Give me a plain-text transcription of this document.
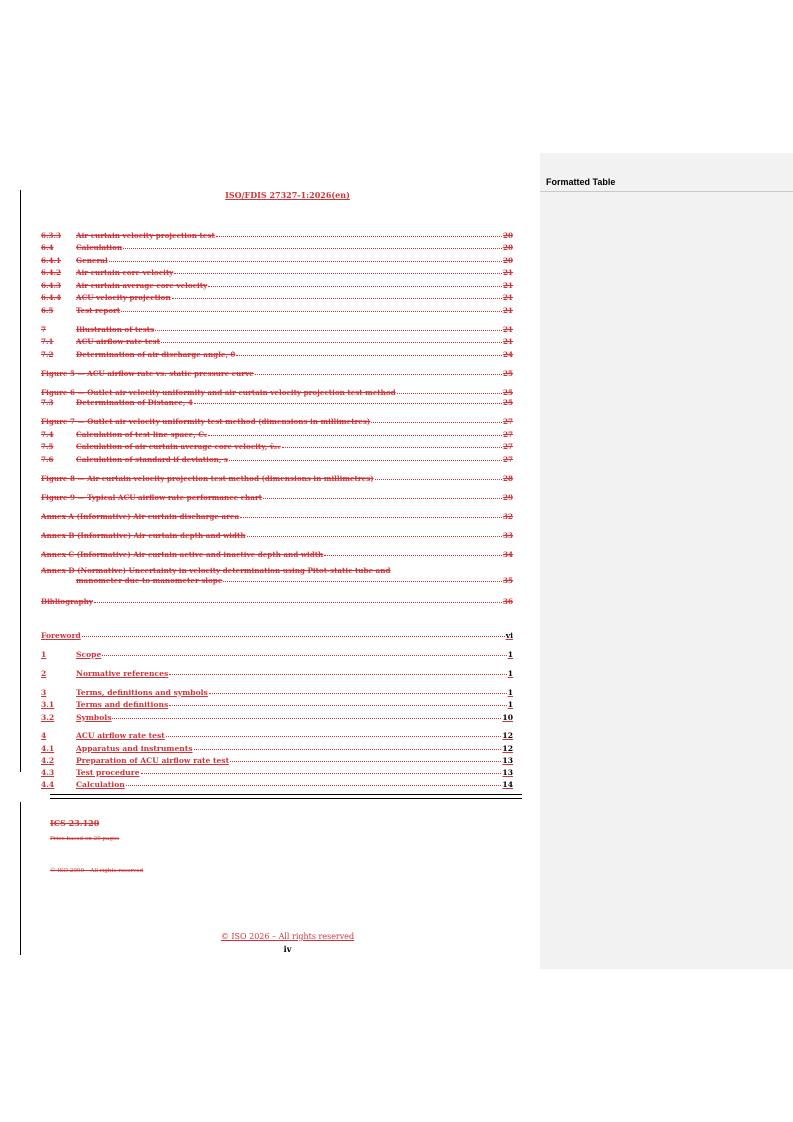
Formatted Table
ISO/FDIS 27327-1:2026(en)
6.3.3	Air curtain velocity projection test	20
6.4	Calculation	20
6.4.1	General	20
6.4.2	Air curtain core velocity	21
6.4.3	Air curtain average core velocity	21
6.4.4	ACU velocity projection	21
6.5	Test report	21
7	Illustration of tests	21
7.1	ACU airflow rate test	21
7.2	Determination of air discharge angle, θ	24
Figure 5 — ACU airflow rate vs. static pressure curve	25
Figure 6 — Outlet air velocity uniformity and air curtain velocity projection test method	25
7.3	Determination of Distance, 4	25
Figure 7 — Outlet air velocity uniformity test method (dimensions in millimetres)	27
7.4	Calculation of test line space, Cₛ	27
7.5	Calculation of air curtain average core velocity, v̄ₐᵥ	27
7.6	Calculation of standard if deviation, s	27
Figure 8 — Air curtain velocity projection test method (dimensions in millimetres)	28
Figure 9 — Typical ACU airflow rate performance chart	29
Annex A (Informative) Air curtain discharge area	32
Annex B (Informative) Air curtain depth and width	33
Annex C (Informative) Air curtain active and inactive depth and width	34
Annex D (Normative) Uncertainty in velocity determination using Pitot-static tube and
manometer due to manometer slope	35
Bibliography	36
Foreword	vi
1	Scope	1
2	Normative references	1
3	Terms, definitions and symbols	1
3.1	Terms and definitions	1
3.2	Symbols	10
4	ACU airflow rate test	12
4.1	Apparatus and instruments	12
4.2	Preparation of ACU airflow rate test	13
4.3	Test procedure	13
4.4	Calculation	14
ICS 23.120
Price based on 29 pages
© ISO 2009 – All rights reserved
© ISO 2026 – All rights reserved
iv
